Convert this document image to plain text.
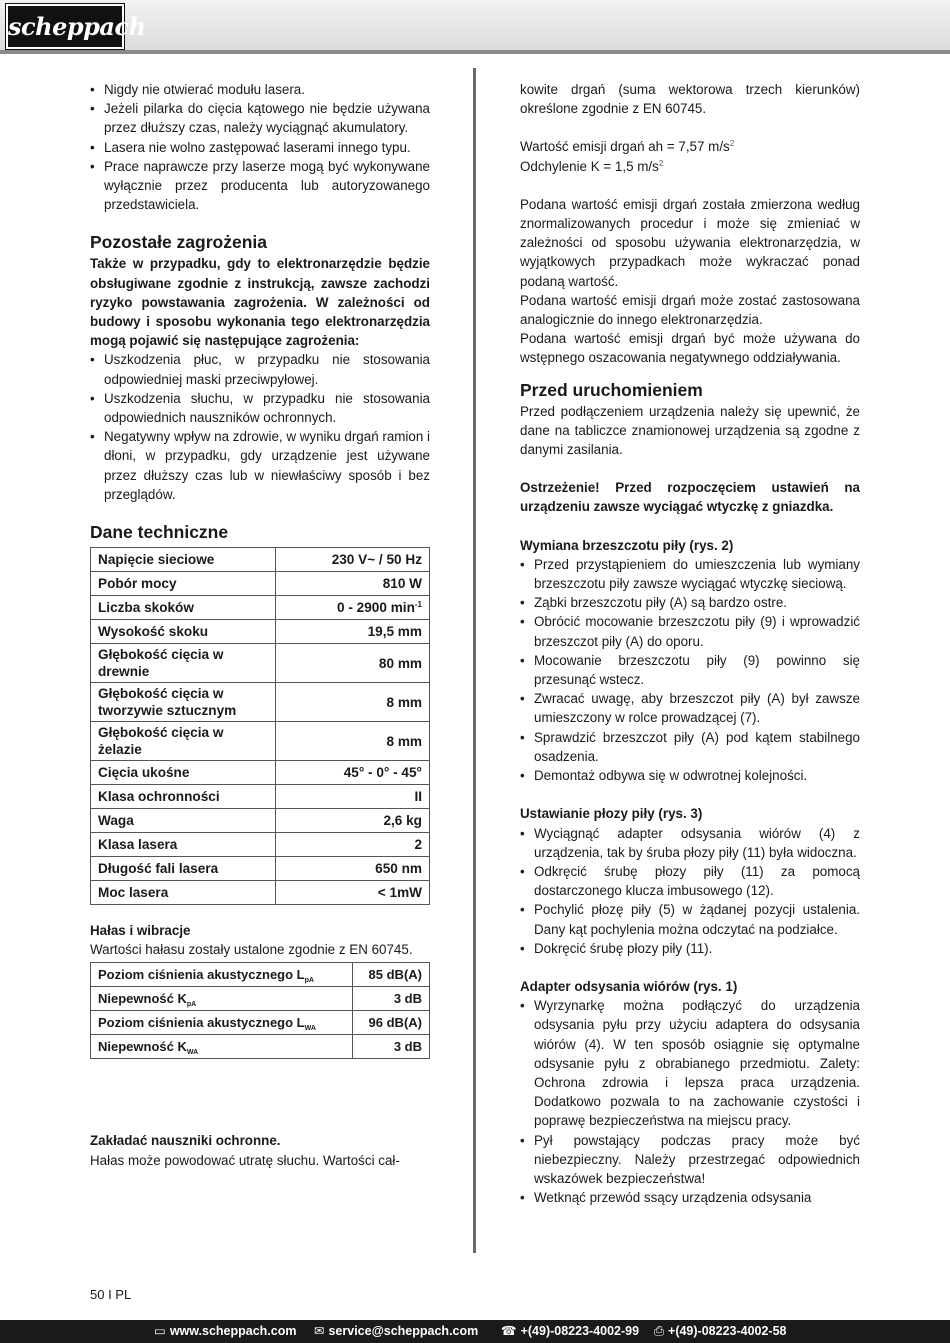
scheppach
• Nigdy nie otwierać modułu lasera.
• Jeżeli pilarka do cięcia kątowego nie będzie używana przez dłuższy czas, należy wyciągnąć akumulatory.
• Lasera nie wolno zastępować laserami innego typu.
• Prace naprawcze przy laserze mogą być wykonywane wyłącznie przez producenta lub autoryzowanego przedstawiciela.
Pozostałe zagrożenia

Także w przypadku, gdy to elektronarzędzie będzie obsługiwane zgodnie z instrukcją, zawsze zachodzi ryzyko powstawania zagrożenia. W zależności od budowy i sposobu wykonania tego elektronarzędzia mogą pojawić się następujące zagrożenia:

• Uszkodzenia płuc, w przypadku nie stosowania odpowiedniej maski przeciwpyłowej.
• Uszkodzenia słuchu, w przypadku nie stosowania odpowiednich nauszników ochronnych.
• Negatywny wpływ na zdrowie, w wyniku drgań ramion i dłoni, w przypadku, gdy urządzenie jest używane przez dłuższy czas lub w niewłaściwy sposób i bez przeglądów.
Dane techniczne
Napięcie sieciowe	230 V~ / 50 Hz
Pobór mocy	810 W
Liczba skoków	0 - 2900 $\min^{-1}$
Wysokość skoku	19,5 mm
Głębokość cięcia w drewnie	80 mm
Głębokość cięcia w tworzywie sztucznym	8 mm
Głębokość cięcia w żelazie	8 mm
Cięcia ukośne	45° - 0° - 45°
Klasa ochronności	II
Waga	2,6 kg
Klasa lasera	2
Długość fali lasera	650 nm
Moc lasera	< 1mW
Hałas i wibracje

Wartości hałasu zostały ustalone zgodnie z EN 60745.

Poziom ciśnienia akustycznego $L_{pA}$	85 dB(A)
Niepewność $K_{pA}$	3 dB
Poziom ciśnienia akustycznego $L_{WA}$	96 dB(A)
Niepewność $K_{WA}$	3 dB
Zakładać nauszniki ochronne.

Hałas może powodować utratę słuchu. Wartości cał-

kowite drgań (suma wektorowa trzech kierunków) określone zgodnie z EN 60745.

Wartość emisji drgań ah = 7,57 $m/s^2$

Odchylenie K = 1,5 $m/s^2$

Podana wartość emisji drgań została zmierzona według znormalizowanych procedur i może się zmieniać w zależności od sposobu używania elektronarzędzia, w wyjątkowych przypadkach może wykraczać ponad podaną wartość.

Podana wartość emisji drgań może zostać zastosowana analogicznie do innego elektronarzędzia.

Podana wartość emisji drgań być może używana do wstępnego oszacowania negatywnego oddziaływania.

Przed uruchomieniem

Przed podłączeniem urządzenia należy się upewnić, że dane na tabliczce znamionowej urządzenia są zgodne z danymi zasilania.

Ostrzeżenie! Przed rozpoczęciem ustawień na urządzeniu zawsze wyciągać wtyczkę z gniazdka.

Wymiana brzeszczotu piły (rys. 2)
• Przed przystąpieniem do umieszczenia lub wymiany brzeszczotu piły zawsze wyciągać wtyczkę sieciową.
• Ząbki brzeszczotu piły (A) są bardzo ostre.
• Obrócić mocowanie brzeszczotu piły (9) i wprowadzić brzeszczot piły (A) do oporu.
• Mocowanie brzeszczotu piły (9) powinno się przesunąć wstecz.
• Zwracać uwagę, aby brzeszczot piły (A) był zawsze umieszczony w rolce prowadzącej (7).
• Sprawdzić brzeszczot piły (A) pod kątem stabilnego osadzenia.
• Demontaż odbywa się w odwrotnej kolejności.
Ustawianie płozy piły (rys. 3)
• Wyciągnąć adapter odsysania wiórów (4) z urządzenia, tak by śruba płozy piły (11) była widoczna.
• Odkręcić śrubę płozy piły (11) za pomocą dostarczonego klucza imbusowego (12).
• Pochylić płozę piły (5) w żądanej pozycji ustalenia. Dany kąt pochylenia można odczytać na podziałce.
• Dokręcić śrubę płozy piły (11).
Adapter odsysania wiórów (rys. 1)
• Wyrzynarkę można podłączyć do urządzenia odsysania pyłu przy użyciu adaptera do odsysania wiórów (4). W ten sposób osiągnie się optymalne odsysanie pyłu z obrabianego przedmiotu. Zalety: Ochrona zdrowia i lepsza praca urządzenia. Dodatkowo pozwala to na zachowanie czystości i poprawę bezpieczeństwa na miejscu pracy.
• Pył powstający podczas pracy może być niebezpieczny. Należy przestrzegać odpowiednich wskazówek bezpieczeństwa!
• Wetknąć przewód ssący urządzenia odsysania
50 I PL
▭ www.scheppach.com ✉ service@scheppach.com ☎ +(49)-08223-4002-99 ⎙ +(49)-08223-4002-58
